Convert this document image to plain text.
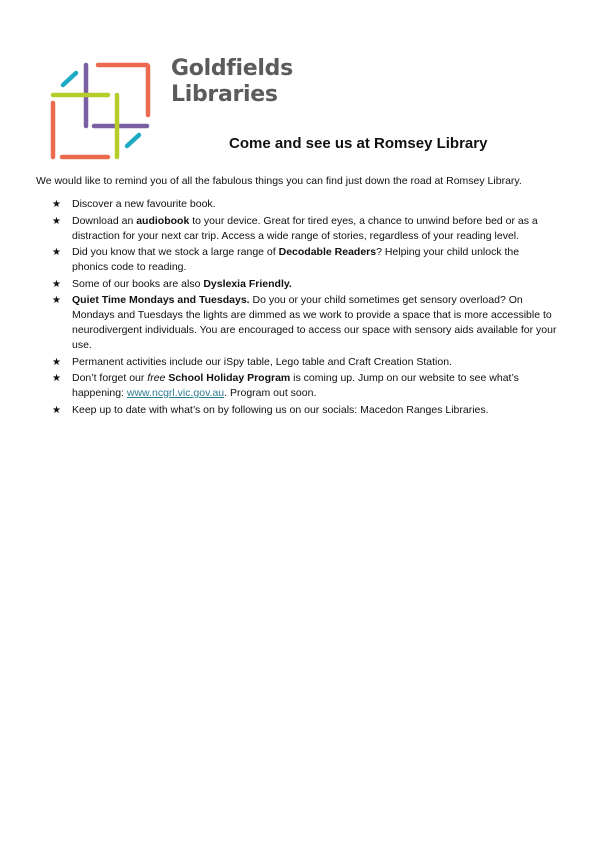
Goldfields
Libraries
Come and see us at Romsey Library

We would like to remind you of all the fabulous things you can find just down the road at Romsey Library.

★ Discover a new favourite book.
★ Download an audiobook to your device. Great for tired eyes, a chance to unwind before bed or as a distraction for your next car trip. Access a wide range of stories, regardless of your reading level.
★ Did you know that we stock a large range of Decodable Readers? Helping your child unlock the phonics code to reading.
★ Some of our books are also Dyslexia Friendly.
★ Quiet Time Mondays and Tuesdays. Do you or your child sometimes get sensory overload? On Mondays and Tuesdays the lights are dimmed as we work to provide a space that is more accessible to neurodivergent individuals. You are encouraged to access our space with sensory aids available for your use.
★ Permanent activities include our iSpy table, Lego table and Craft Creation Station.
★ Don’t forget our free School Holiday Program is coming up. Jump on our website to see what’s happening: www.ncgrl.vic.gov.au. Program out soon.
★ Keep up to date with what’s on by following us on our socials: Macedon Ranges Libraries.
